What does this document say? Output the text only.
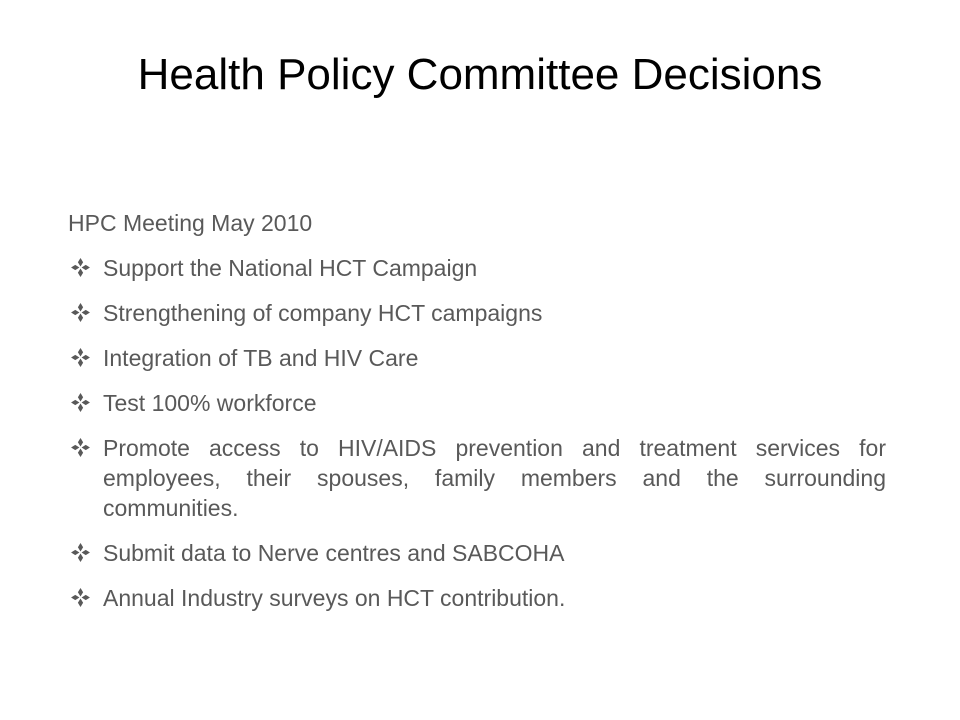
Health Policy Committee Decisions

HPC Meeting May 2010

Support the National HCT Campaign
Strengthening of company HCT campaigns
Integration of TB and HIV Care
Test 100% workforce
Promote access to HIV/AIDS prevention and treatment services for employees, their spouses, family members and the surrounding communities.
Submit data to Nerve centres and SABCOHA
Annual Industry surveys on HCT contribution.
